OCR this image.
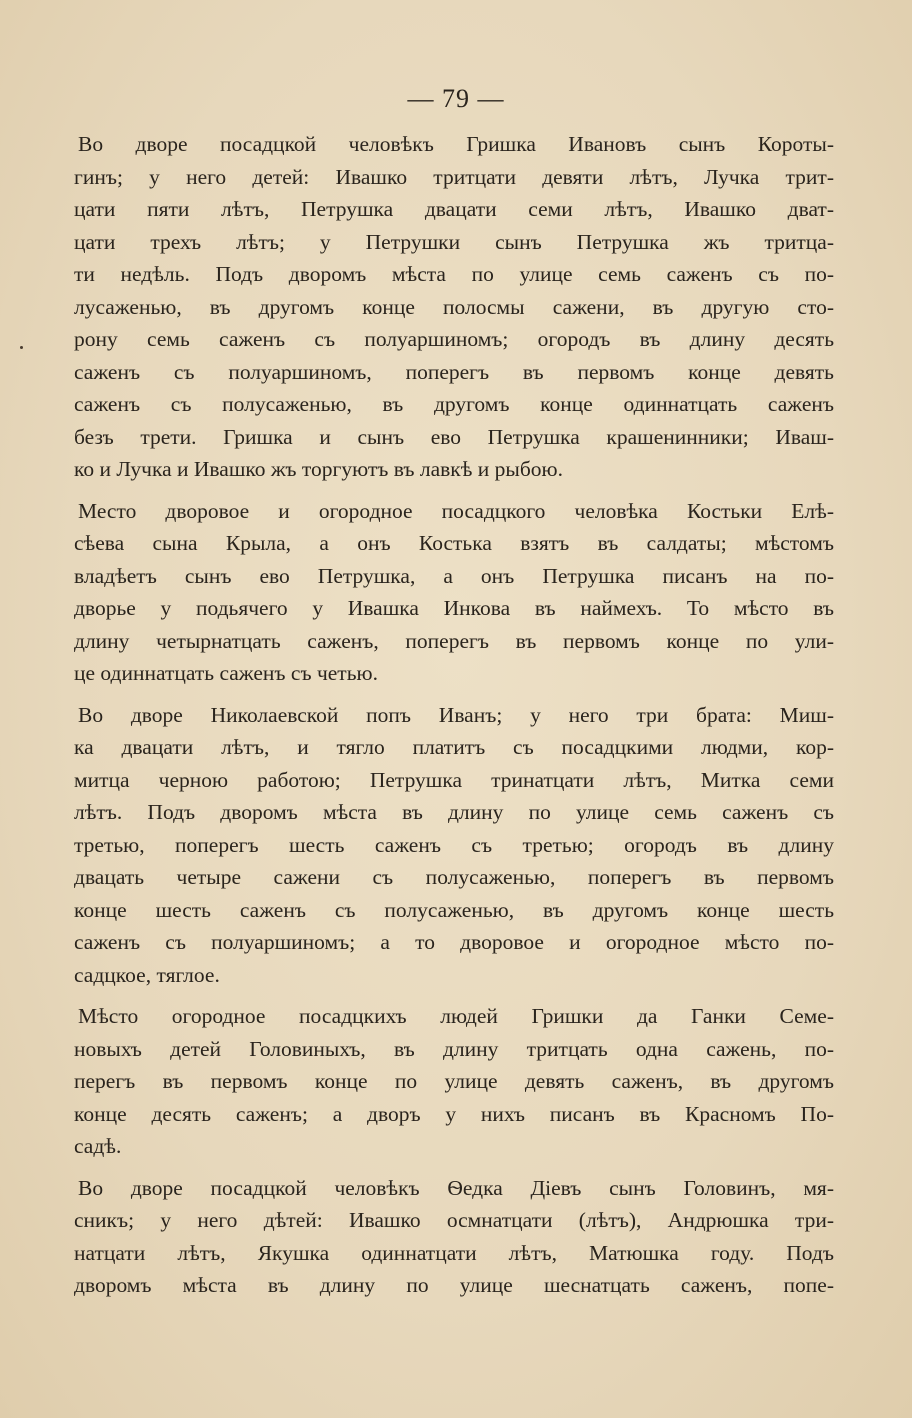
— 79 —

Во дворе посадцкой человѣкъ Гришка Ивановъ сынъ Короты-
гинъ; у него детей: Ивашко тритцати девяти лѣтъ, Лучка трит-
цати пяти лѣтъ, Петрушка двацати семи лѣтъ, Ивашко дват-
цати трехъ лѣтъ; у Петрушки сынъ Петрушка жъ тритца-
ти недѣль. Подъ дворомъ мѣста по улице семь саженъ съ по-
лусаженью, въ другомъ конце полосмы сажени, въ другую сто-
рону семь саженъ съ полуаршиномъ; огородъ въ длину десять
саженъ съ полуаршиномъ, поперегъ въ первомъ конце девять
саженъ съ полусаженью, въ другомъ конце одиннатцать саженъ
безъ трети. Гришка и сынъ ево Петрушка крашенинники; Иваш-
ко и Лучка и Ивашко жъ торгуютъ въ лавкѣ и рыбою.

Место дворовое и огородное посадцкого человѣка Костьки Елѣ-
сѣева сына Крыла, а онъ Костька взятъ въ салдаты; мѣстомъ
владѣетъ сынъ ево Петрушка, а онъ Петрушка писанъ на по-
дворье у подьячего у Ивашка Инкова въ наймехъ. То мѣсто въ
длину четырнатцать саженъ, поперегъ въ первомъ конце по ули-
це одиннатцать саженъ съ четью.

Во дворе Николаевской попъ Иванъ; у него три брата: Миш-
ка двацати лѣтъ, и тягло платитъ съ посадцкими людми, кор-
митца черною работою; Петрушка тринатцати лѣтъ, Митка семи
лѣтъ. Подъ дворомъ мѣста въ длину по улице семь саженъ съ
третью, поперегъ шесть саженъ съ третью; огородъ въ длину
двацать четыре сажени съ полусаженью, поперегъ въ первомъ
конце шесть саженъ съ полусаженью, въ другомъ конце шесть
саженъ съ полуаршиномъ; а то дворовое и огородное мѣсто по-
садцкое, тяглое.

Мѣсто огородное посадцкихъ людей Гришки да Ганки Семе-
новыхъ детей Головиныхъ, въ длину тритцать одна сажень, по-
перегъ въ первомъ конце по улице девять саженъ, въ другомъ
конце десять саженъ; а дворъ у нихъ писанъ въ Красномъ По-
садѣ.

Во дворе посадцкой человѣкъ Ѳедка Діевъ сынъ Головинъ, мя-
сникъ; у него дѣтей: Ивашко осмнатцати (лѣтъ), Андрюшка три-
натцати лѣтъ, Якушка одиннатцати лѣтъ, Матюшка году. Подъ
дворомъ мѣста въ длину по улице шеснатцать саженъ, попе-
